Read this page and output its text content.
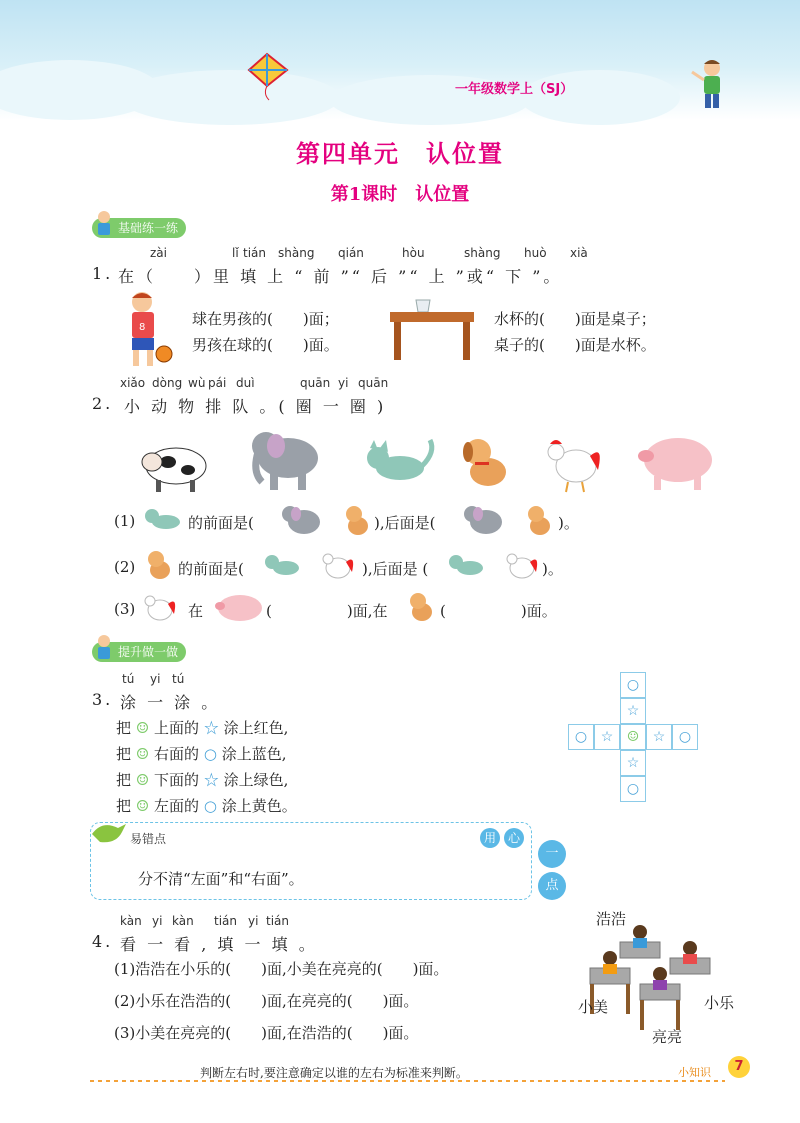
一年级数学上（SJ）
第四单元　认位置
第1课时　认位置
基础练一练
zài	lǐ tián shàng qián	hòu	shàng huò xià
1. 在（　　）里 填 上 “ 前 ”“ 后 ”“ 上 ”或“ 下 ”。
8	球在男孩的(　　)面；
男孩在球的(　　)面。
水杯的(　　)面是桌子；
桌子的(　　)面是水杯。
xiǎo dòng wù pái duì	quān yi quān
2. 小 动 物 排 队 。( 圈 一 圈 )
(1)	的前面是(	),后面是(	)。
(2)	的前面是(	),后面是 (	)。
(3)	在	(　　　　　)面,在	(　　　　　)面。
提升做一做
tú yi tú
3. 涂 一 涂 。
把 ☺ 上面的 ☆ 涂上红色,
把 ☺ 右面的 ○ 涂上蓝色,
把 ☺ 下面的 ☆ 涂上绿色,
把 ☺ 左面的 ○ 涂上黄色。
○
☆
○ ☆ ☺ ☆ ○
☆
○
易错点	用 心
一
点
分不清“左面”和“右面”。
kàn yi kàn tián yi tián
4. 看 一 看 , 填 一 填 。
(1)浩浩在小乐的(　　)面,小美在亮亮的(　　)面。
(2)小乐在浩浩的(　　)面,在亮亮的(　　)面。
(3)小美在亮亮的(　　)面,在浩浩的(　　)面。
浩浩
小美	小乐
亮亮
判断左右时,要注意确定以谁的左右为标准来判断。	小知识	7
